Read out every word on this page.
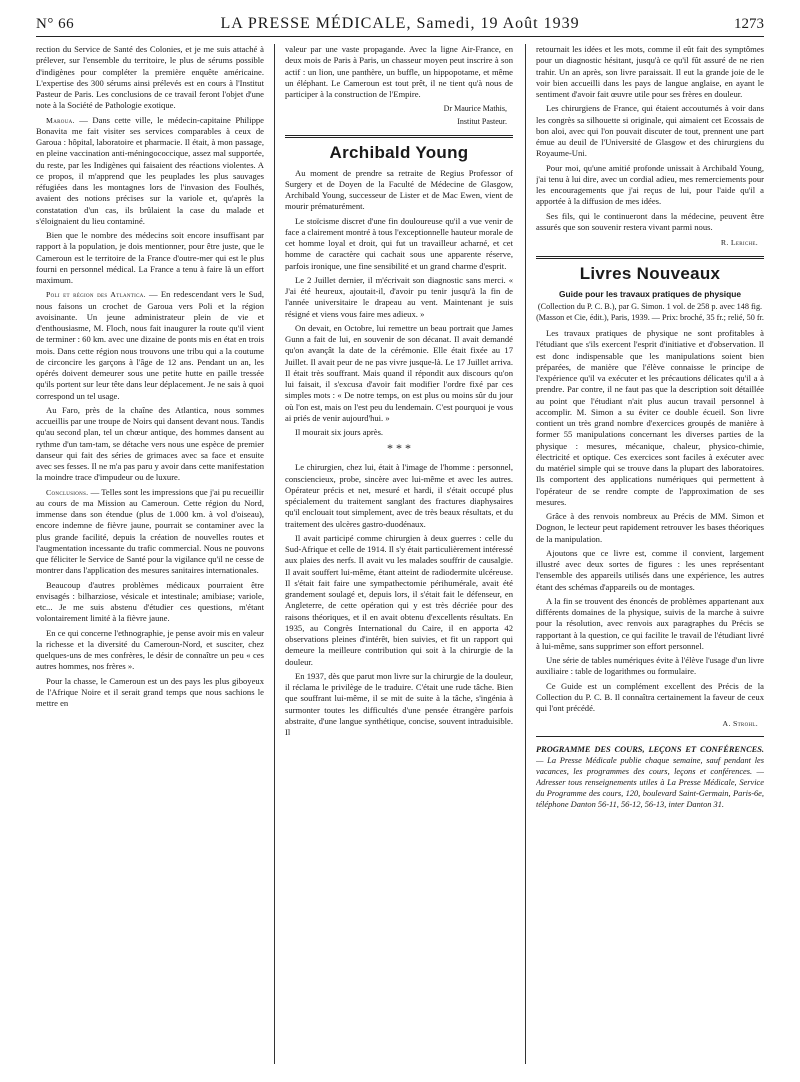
N° 66	LA PRESSE MÉDICALE, Samedi, 19 Août 1939	1273

rection du Service de Santé des Colonies, et je me suis attaché à prélever, sur l'ensemble du territoire, le plus de sérums possible d'indigènes pour compléter la première enquête américaine. L'expertise des 300 sérums ainsi prélevés est en cours à l'Institut Pasteur de Paris. Les conclusions de ce travail feront l'objet d'une note à la Société de Pathologie exotique.

Maroua. — Dans cette ville, le médecin-capitaine Philippe Bonavita me fait visiter ses services comparables à ceux de Garoua : hôpital, laboratoire et pharmacie. Il était, à mon passage, en pleine vaccination anti-méningococcique, assez mal supportée, du reste, par les Indigènes qui faisaient des réactions violentes. A ce propos, il m'apprend que les peuplades les plus sauvages réfugiées dans les montagnes lors de l'invasion des Foulhés, avaient des notions précises sur la variole et, qu'après la constatation d'un cas, ils brûlaient la case du malade et s'éloignaient du lieu contaminé.

Bien que le nombre des médecins soit encore insuffisant par rapport à la population, je dois mentionner, pour être juste, que le Cameroun est le territoire de la France d'outre-mer qui est le plus fourni en personnel médical. La France a tenu à faire là un effort maximum.

Poli et région des Atlantica. — En redescendant vers le Sud, nous faisons un crochet de Garoua vers Poli et la région avoisinante. Un jeune administrateur plein de vie et d'enthousiasme, M. Floch, nous fait inaugurer la route qu'il vient de terminer : 60 km. avec une dizaine de ponts mis en état en trois mois. Dans cette région nous trouvons une tribu qui a la coutume de circoncire les garçons à l'âge de 12 ans. Pendant un an, les opérés doivent demeurer sous une petite hutte en paille tressée qu'ils portent sur leur tête dans leur déplacement. Je ne sais à quoi correspond un tel usage.

Au Faro, près de la chaîne des Atlantica, nous sommes accueillis par une troupe de Noirs qui dansent devant nous. Tandis qu'au second plan, tel un chœur antique, des hommes dansent au rythme d'un tam-tam, se détache vers nous une espèce de premier danseur qui fait des séries de grimaces avec sa face et ensuite avec ses fesses. Il ne m'a pas paru y avoir dans cette manifestation la moindre trace d'impudeur ou de luxure.

Conclusions. — Telles sont les impressions que j'ai pu recueillir au cours de ma Mission au Cameroun. Cette région du Nord, immense dans son étendue (plus de 1.000 km. à vol d'oiseau), encore indemne de fièvre jaune, pourrait se contaminer avec la plus grande facilité, depuis la création de nouvelles routes et l'augmentation incessante du trafic commercial. Nous ne pouvons que féliciter le Service de Santé pour la vigilance qu'il ne cesse de montrer dans l'application des mesures sanitaires internationales.

Beaucoup d'autres problèmes médicaux pourraient être envisagés : bilharziose, vésicale et intestinale; amibiase; variole, etc... Je me suis abstenu d'étudier ces questions, m'étant volontairement limité à la fièvre jaune.

En ce qui concerne l'ethnographie, je pense avoir mis en valeur la richesse et la diversité du Cameroun-Nord, et susciter, chez quelques-uns de mes confrères, le désir de connaître un peu « ces autres hommes, nos frères ».

Pour la chasse, le Cameroun est un des pays les plus giboyeux de l'Afrique Noire et il serait grand temps que nous sachions le mettre en

valeur par une vaste propagande. Avec la ligne Air-France, en deux mois de Paris à Paris, un chasseur moyen peut inscrire à son actif : un lion, une panthère, un buffle, un hippopotame, et même un éléphant. Le Cameroun est tout prêt, il ne tient qu'à nous de participer à la construction de l'Empire.

Dr Maurice Mathis,
Institut Pasteur.
Archibald Young

Au moment de prendre sa retraite de Regius Professor of Surgery et de Doyen de la Faculté de Médecine de Glasgow, Archibald Young, successeur de Lister et de Mac Ewen, vient de mourir prématurément.

Le stoïcisme discret d'une fin douloureuse qu'il a vue venir de face a clairement montré à tous l'exceptionnelle hauteur morale de cet homme loyal et droit, qui fut un travailleur acharné, et cet homme de caractère qui cachait sous une apparente réserve, parfois ironique, une fine sensibilité et un grand charme d'esprit.

Le 2 Juillet dernier, il m'écrivait son diagnostic sans merci. « J'ai été heureux, ajoutait-il, d'avoir pu tenir jusqu'à la fin de l'année universitaire le drapeau au vent. Maintenant je suis résigné et viens vous faire mes adieux. »

On devait, en Octobre, lui remettre un beau portrait que James Gunn a fait de lui, en souvenir de son décanat. Il avait demandé qu'on avançât la date de la cérémonie. Elle était fixée au 17 Juillet. Il avait peur de ne pas vivre jusque-là. Le 17 Juillet arriva. Il était très souffrant. Mais quand il répondit aux discours qu'on lui faisait, il s'excusa d'avoir fait modifier l'ordre fixé par ces simples mots : « De notre temps, on est plus ou moins sûr du jour où l'on est, mais on l'est peu du lendemain. C'est pourquoi je vous ai priés de venir aujourd'hui. »

Il mourait six jours après.

* * *

Le chirurgien, chez lui, était à l'image de l'homme : personnel, consciencieux, probe, sincère avec lui-même et avec les autres. Opérateur précis et net, mesuré et hardi, il s'était occupé plus spécialement du traitement sanglant des fractures diaphysaires qu'il enclouait tout simplement, avec de très beaux résultats, et du traitement des ulcères gastro-duodénaux.

Il avait participé comme chirurgien à deux guerres : celle du Sud-Afrique et celle de 1914. Il s'y était particulièrement intéressé aux plaies des nerfs. Il avait vu les malades souffrir de causalgie. Il avait souffert lui-même, étant atteint de radiodermite ulcéreuse. Il s'était fait faire une sympathectomie périhumérale, avait été grandement soulagé et, depuis lors, il s'était fait le défenseur, en Angleterre, de cette opération qui y est très décriée pour des raisons théoriques, et il en avait obtenu d'excellents résultats. En 1935, au Congrès International du Caire, il en apporta 42 observations pleines d'intérêt, bien suivies, et fit un rapport qui demeure la meilleure contribution qui soit à la chirurgie de la douleur.

En 1937, dès que parut mon livre sur la chirurgie de la douleur, il réclama le privilège de le traduire. C'était une rude tâche. Bien que souffrant lui-même, il se mit de suite à la tâche, s'ingénia à surmonter toutes les difficultés d'une pensée étrangère parfois abstraite, d'une langue synthétique, concise, souvent intraduisible. Il

retournait les idées et les mots, comme il eût fait des symptômes pour un diagnostic hésitant, jusqu'à ce qu'il fût assuré de ne rien trahir. Un an après, son livre paraissait. Il eut la grande joie de le voir bien accueilli dans les pays de langue anglaise, en ayant le sentiment d'avoir fait œuvre utile pour ses frères en douleur.

Les chirurgiens de France, qui étaient accoutumés à voir dans les congrès sa silhouette si originale, qui aimaient cet Ecossais de bon aloi, avec qui l'on pouvait discuter de tout, prennent une part émue au deuil de l'Université de Glasgow et des chirurgiens du Royaume-Uni.

Pour moi, qu'une amitié profonde unissait à Archibald Young, j'ai tenu à lui dire, avec un cordial adieu, mes remerciements pour les encouragements que j'ai reçus de lui, pour l'aide qu'il a apportée à la diffusion de mes idées.

Ses fils, qui le continueront dans la médecine, peuvent être assurés que son souvenir restera vivant parmi nous.

R. Leriche.
Livres Nouveaux
Guide pour les travaux pratiques de physique
(Collection du P. C. B.), par G. Simon. 1 vol. de 258 p. avec 148 fig. (Masson et Cie, édit.), Paris, 1939. — Prix: broché, 35 fr.; relié, 50 fr.

Les travaux pratiques de physique ne sont profitables à l'étudiant que s'ils exercent l'esprit d'initiative et d'observation. Il est donc indispensable que les manipulations soient bien préparées, de manière que l'élève connaisse le principe de l'expérience qu'il va exécuter et les précautions délicates qu'il a à prendre. Par contre, il ne faut pas que la description soit détaillée au point que l'étudiant n'ait plus aucun travail personnel à accomplir. M. Simon a su éviter ce double écueil. Son livre contient un très grand nombre d'exercices groupés de manière à former 55 manipulations concernant les diverses parties de la physique : mesures, mécanique, chaleur, physico-chimie, électricité et optique. Ces exercices sont faciles à exécuter avec du matériel simple qui se trouve dans la plupart des laboratoires. Ils comportent des applications numériques qui permettent à l'opérateur de se rendre compte de l'approximation de ses mesures.

Grâce à des renvois nombreux au Précis de MM. Simon et Dognon, le lecteur peut rapidement retrouver les bases théoriques de la manipulation.

Ajoutons que ce livre est, comme il convient, largement illustré avec deux sortes de figures : les unes représentant l'ensemble des appareils utilisés dans une expérience, les autres étant des schémas d'appareils ou de montages.

A la fin se trouvent des énoncés de problèmes appartenant aux différents domaines de la physique, suivis de la marche à suivre pour la résolution, avec renvois aux paragraphes du Précis se rapportant à la question, ce qui facilite le travail de l'étudiant livré à lui-même, sans supprimer son effort personnel.

Une série de tables numériques évite à l'élève l'usage d'un livre auxiliaire : table de logarithmes ou formulaire.

Ce Guide est un complément excellent des Précis de la Collection du P. C. B. Il connaîtra certainement la faveur de ceux qui l'ont précédé.

A. Strohl.
PROGRAMME DES COURS, LEÇONS ET CONFÉRENCES. — La Presse Médicale publie chaque semaine, sauf pendant les vacances, les programmes des cours, leçons et conférences. — Adresser tous renseignements utiles à La Presse Médicale, Service du Programme des cours, 120, boulevard Saint-Germain, Paris-6e, téléphone Danton 56-11, 56-12, 56-13, inter Danton 31.
